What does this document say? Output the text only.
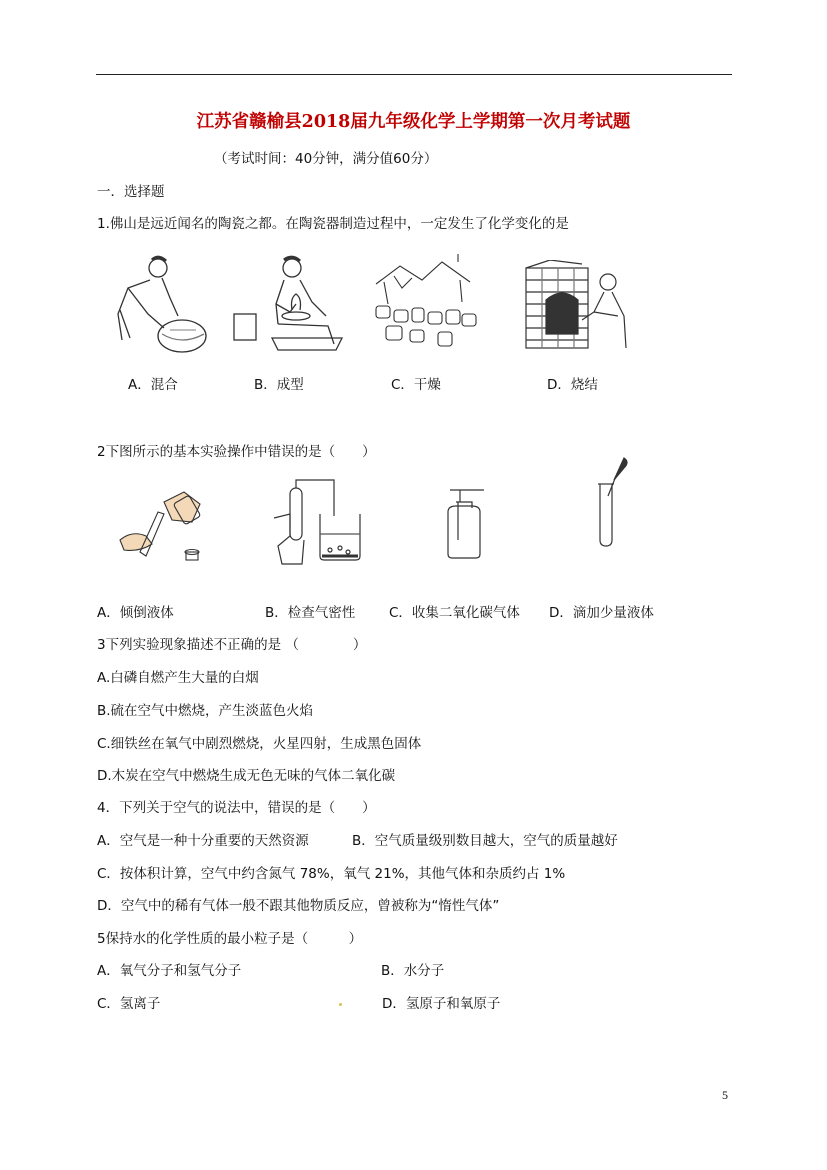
江苏省赣榆县2018届九年级化学上学期第一次月考试题
（考试时间：40分钟，满分值60分）
一．选择题
1.佛山是远近闻名的陶瓷之都。在陶瓷器制造过程中，一定发生了化学变化的是
A．混合	B．成型	C．干燥	D．烧结
2下图所示的基本实验操作中错误的是（　　）
A．倾倒液体	B．检查气密性 C．收集二氧化碳气体 D．滴加少量液体
3下列实验现象描述不正确的是 （　　　　）
A.白磷自燃产生大量的白烟
B.硫在空气中燃烧，产生淡蓝色火焰
C.细铁丝在氧气中剧烈燃烧，火星四射，生成黑色固体
D.木炭在空气中燃烧生成无色无味的气体二氧化碳
4．下列关于空气的说法中，错误的是（　　）
A．空气是一种十分重要的天然资源	B．空气质量级别数目越大，空气的质量越好
C．按体积计算，空气中约含氮气 78%，氧气 21%，其他气体和杂质约占 1%
D．空气中的稀有气体一般不跟其他物质反应，曾被称为“惰性气体”
5保持水的化学性质的最小粒子是（　　　）
A．氧气分子和氢气分子	B．水分子
C．氢离子	D．氢原子和氧原子
5
